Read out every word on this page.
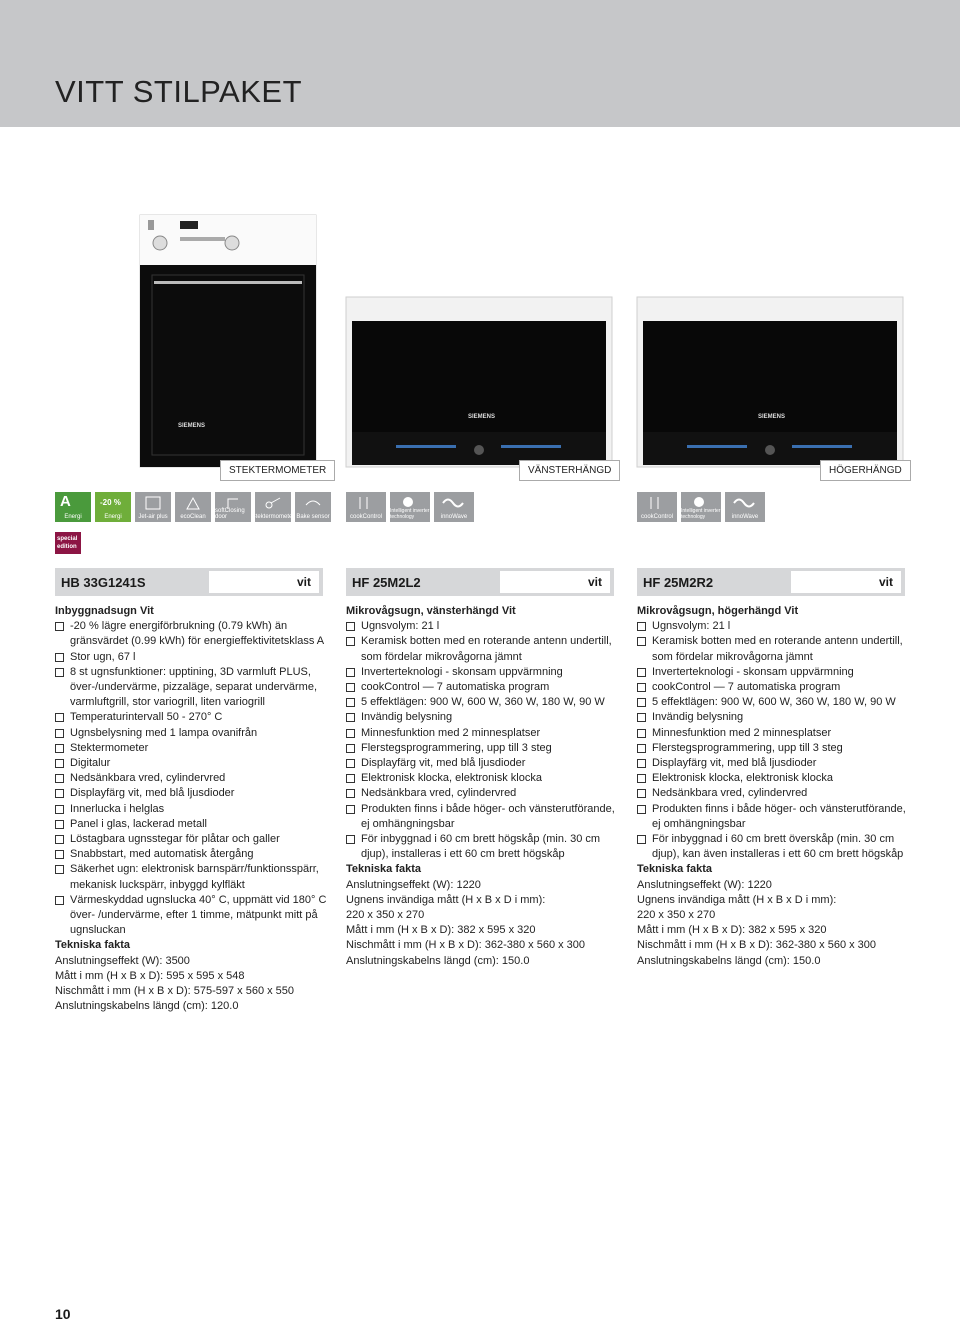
VITT STILPAKET
SIEMENS
SIEMENS	SIEMENS
STEKTERMOMETER	VÄNSTERHÄNGD	HÖGERHÄNGD
A
Energi
-20 %
Energi	Jet-air plus ecoClean
softClosing door	Stektermometer Bake sensor	cookControl
Intelligent inverter technology	innoWave	cookControl
Intelligent inverter technology	innoWave
special edition
HB 33G1241S	vit	HF 25M2L2	vit	HF 25M2R2	vit
Inbyggnadsugn Vit
-20 % lägre energiförbrukning (0.79 kWh) än gränsvärdet (0.99 kWh) för energieffektivitetsklass A
Stor ugn, 67 l
8 st ugnsfunktioner: upptining, 3D varmluft PLUS, över-/undervärme, pizzaläge, separat undervärme, varmluftgrill, stor variogrill, liten variogrill
Temperaturintervall 50 - 270° C
Ugnsbelysning med 1 lampa ovanifrån
Stektermometer
Digitalur
Nedsänkbara vred, cylindervred
Displayfärg vit, med blå ljusdioder
Innerlucka i helglas
Panel i glas, lackerad metall
Löstagbara ugnsstegar för plåtar och galler
Snabbstart, med automatisk återgång
Säkerhet ugn: elektronisk barnspärr/funktionsspärr, mekanisk luckspärr, inbyggd kylfläkt
Värmeskyddad ugnslucka 40° C, uppmätt vid 180° C över- /undervärme, efter 1 timme, mätpunkt mitt på ugnsluckan
Tekniska fakta
Anslutningseffekt (W): 3500
Mått i mm (H x B x D): 595 x 595 x 548
Nischmått i mm (H x B x D): 575-597 x 560 x 550
Anslutningskabelns längd (cm): 120.0
Mikrovågsugn, vänsterhängd Vit
Ugnsvolym: 21 l
Keramisk botten med en roterande antenn undertill, som fördelar mikrovågorna jämnt
Inverterteknologi - skonsam uppvärmning
cookControl — 7 automatiska program
5 effektlägen: 900 W, 600 W, 360 W, 180 W, 90 W
Invändig belysning
Minnesfunktion med 2 minnesplatser
Flerstegsprogrammering, upp till 3 steg
Displayfärg vit, med blå ljusdioder
Elektronisk klocka, elektronisk klocka
Nedsänkbara vred, cylindervred
Produkten finns i både höger- och vänsterutförande, ej omhängningsbar
För inbyggnad i 60 cm brett högskåp (min. 30 cm djup), installeras i ett 60 cm brett högskåp
Tekniska fakta
Anslutningseffekt (W): 1220
Ugnens invändiga mått (H x B x D i mm):
220 x 350 x 270
Mått i mm (H x B x D): 382 x 595 x 320
Nischmått i mm (H x B x D): 362-380 x 560 x 300
Anslutningskabelns längd (cm): 150.0
Mikrovågsugn, högerhängd Vit
Ugnsvolym: 21 l
Keramisk botten med en roterande antenn undertill, som fördelar mikrovågorna jämnt
Inverterteknologi - skonsam uppvärmning
cookControl — 7 automatiska program
5 effektlägen: 900 W, 600 W, 360 W, 180 W, 90 W
Invändig belysning
Minnesfunktion med 2 minnesplatser
Flerstegsprogrammering, upp till 3 steg
Displayfärg vit, med blå ljusdioder
Elektronisk klocka, elektronisk klocka
Nedsänkbara vred, cylindervred
Produkten finns i både höger- och vänsterutförande, ej omhängningsbar
För inbyggnad i 60 cm brett överskåp (min. 30 cm djup), kan även installeras i ett 60 cm brett högskåp
Tekniska fakta
Anslutningseffekt (W): 1220
Ugnens invändiga mått (H x B x D i mm):
220 x 350 x 270
Mått i mm (H x B x D): 382 x 595 x 320
Nischmått i mm (H x B x D): 362-380 x 560 x 300
Anslutningskabelns längd (cm): 150.0
10
